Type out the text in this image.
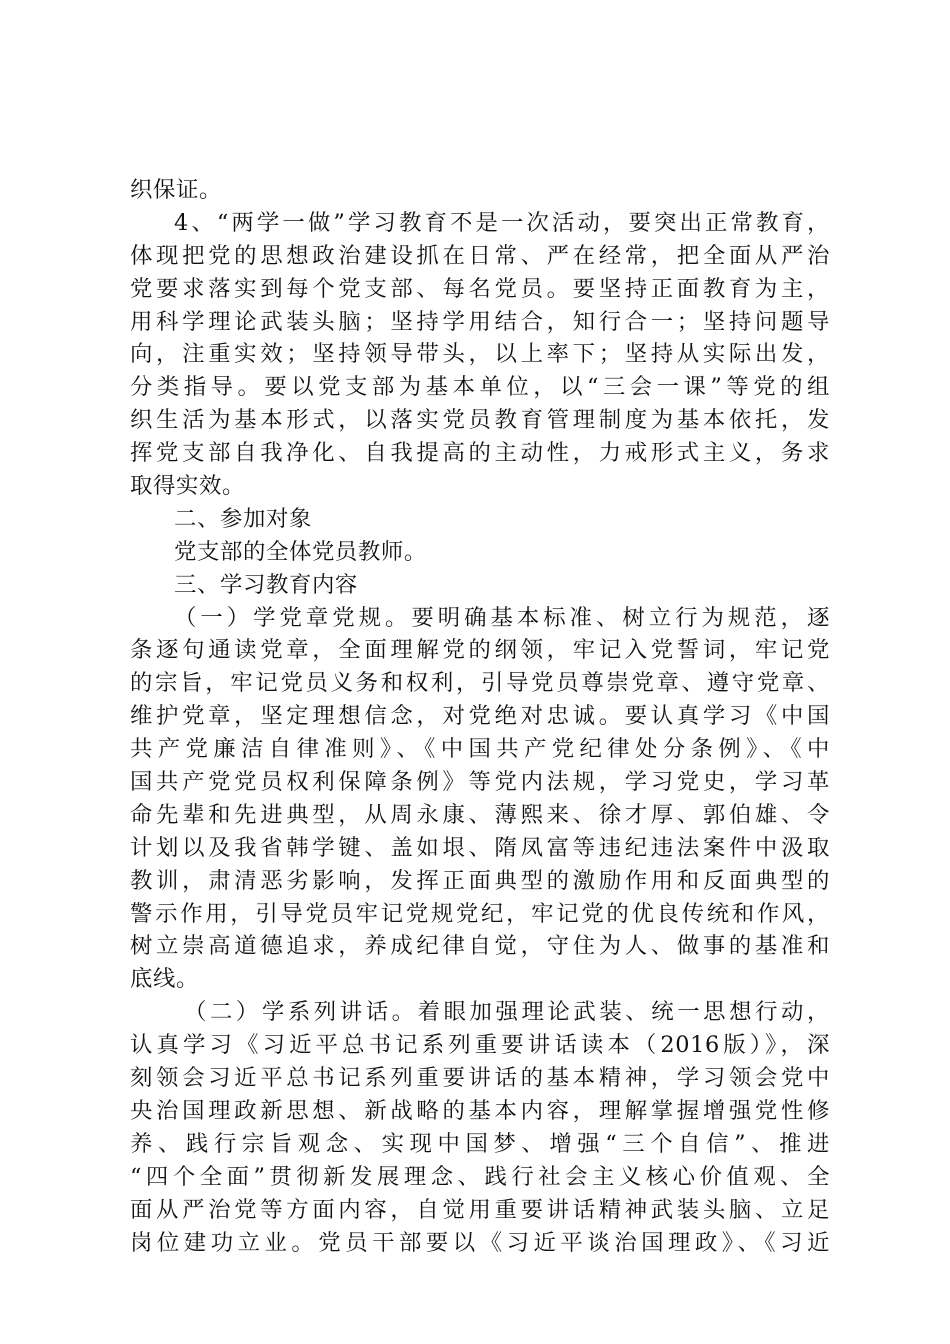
织保证。
4、“两学一做”学习教育不是一次活动，要突出正常教育，
体现把党的思想政治建设抓在日常、严在经常，把全面从严治
党要求落实到每个党支部、每名党员。要坚持正面教育为主，
用科学理论武装头脑；坚持学用结合，知行合一；坚持问题导
向，注重实效；坚持领导带头，以上率下；坚持从实际出发，
分类指导。要以党支部为基本单位，以“三会一课”等党的组
织生活为基本形式，以落实党员教育管理制度为基本依托，发
挥党支部自我净化、自我提高的主动性，力戒形式主义，务求
取得实效。
二、参加对象
党支部的全体党员教师。
三、学习教育内容
（一）学党章党规。要明确基本标准、树立行为规范，逐
条逐句通读党章，全面理解党的纲领，牢记入党誓词，牢记党
的宗旨，牢记党员义务和权利，引导党员尊崇党章、遵守党章、
维护党章，坚定理想信念，对党绝对忠诚。要认真学习《中国
共产党廉洁自律准则》、《中国共产党纪律处分条例》、《中
国共产党党员权利保障条例》等党内法规，学习党史，学习革
命先辈和先进典型，从周永康、薄熙来、徐才厚、郭伯雄、令
计划以及我省韩学键、盖如垠、隋凤富等违纪违法案件中汲取
教训，肃清恶劣影响，发挥正面典型的激励作用和反面典型的
警示作用，引导党员牢记党规党纪，牢记党的优良传统和作风，
树立崇高道德追求，养成纪律自觉，守住为人、做事的基准和
底线。
（二）学系列讲话。着眼加强理论武装、统一思想行动，
认真学习《习近平总书记系列重要讲话读本（2016版）》，深
刻领会习近平总书记系列重要讲话的基本精神，学习领会党中
央治国理政新思想、新战略的基本内容，理解掌握增强党性修
养、践行宗旨观念、实现中国梦、增强“三个自信”、推进
“四个全面”贯彻新发展理念、践行社会主义核心价值观、全
面从严治党等方面内容，自觉用重要讲话精神武装头脑、立足
岗位建功立业。党员干部要以《习近平谈治国理政》、《习近
